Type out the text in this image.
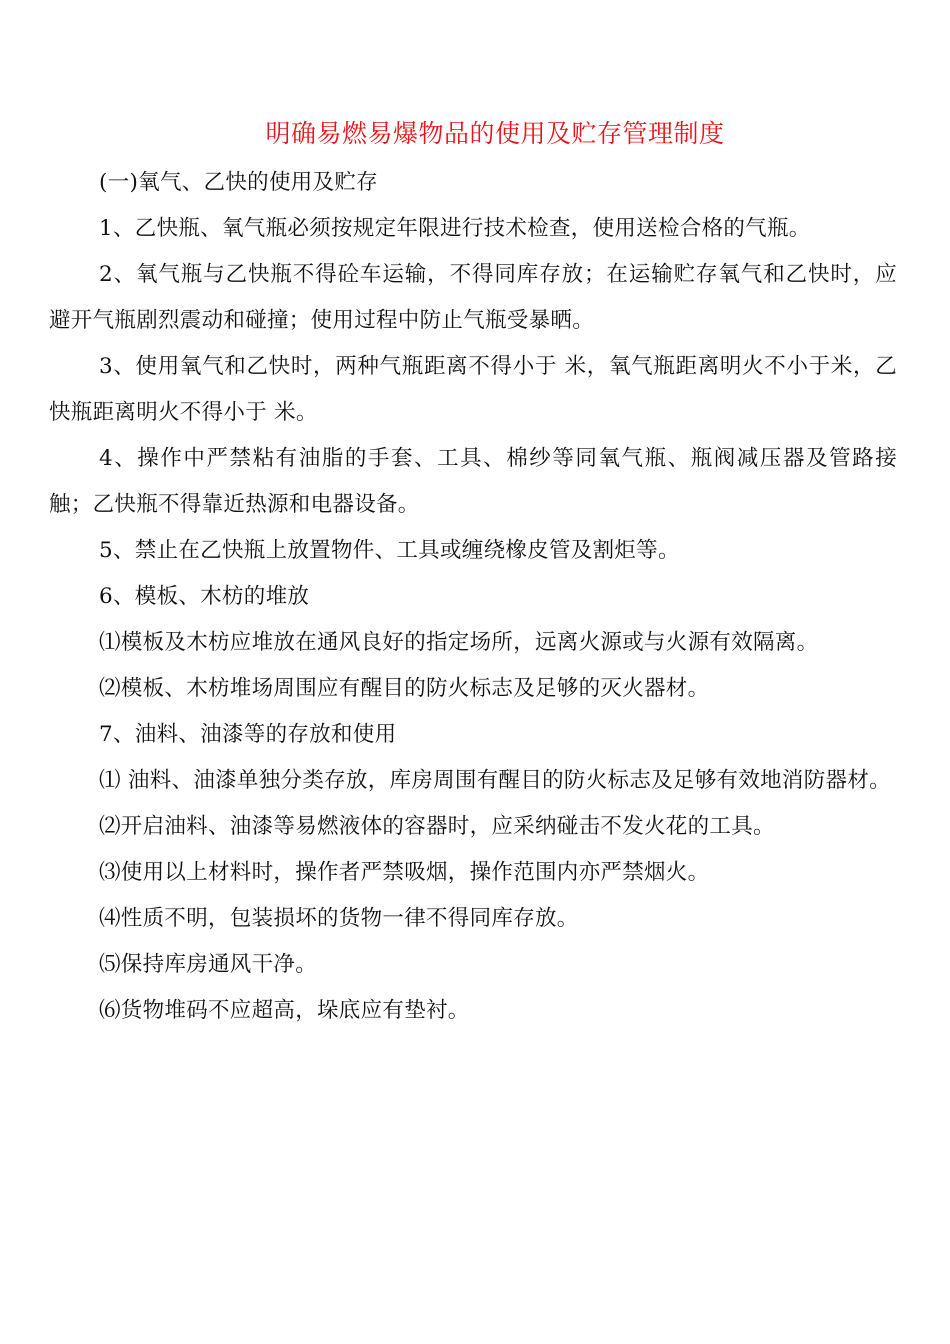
明确易燃易爆物品的使用及贮存管理制度

(一)氧气、乙快的使用及贮存

1、乙快瓶、氧气瓶必须按规定年限进行技术检查，使用送检合格的气瓶。

2、氧气瓶与乙快瓶不得砼车运输，不得同库存放；在运输贮存氧气和乙快时，应避开气瓶剧烈震动和碰撞；使用过程中防止气瓶受暴晒。

3、使用氧气和乙快时，两种气瓶距离不得小于 米，氧气瓶距离明火不小于米，乙快瓶距离明火不得小于 米。

4、操作中严禁粘有油脂的手套、工具、棉纱等同氧气瓶、瓶阀减压器及管路接触；乙快瓶不得靠近热源和电器设备。

5、禁止在乙快瓶上放置物件、工具或缠绕橡皮管及割炬等。

6、模板、木枋的堆放

⑴模板及木枋应堆放在通风良好的指定场所，远离火源或与火源有效隔离。

⑵模板、木枋堆场周围应有醒目的防火标志及足够的灭火器材。

7、油料、油漆等的存放和使用

⑴ 油料、油漆单独分类存放，库房周围有醒目的防火标志及足够有效地消防器材。

⑵开启油料、油漆等易燃液体的容器时，应采纳碰击不发火花的工具。

⑶使用以上材料时，操作者严禁吸烟，操作范围内亦严禁烟火。

⑷性质不明，包装损坏的货物一律不得同库存放。

⑸保持库房通风干净。

⑹货物堆码不应超高，垛底应有垫衬。
